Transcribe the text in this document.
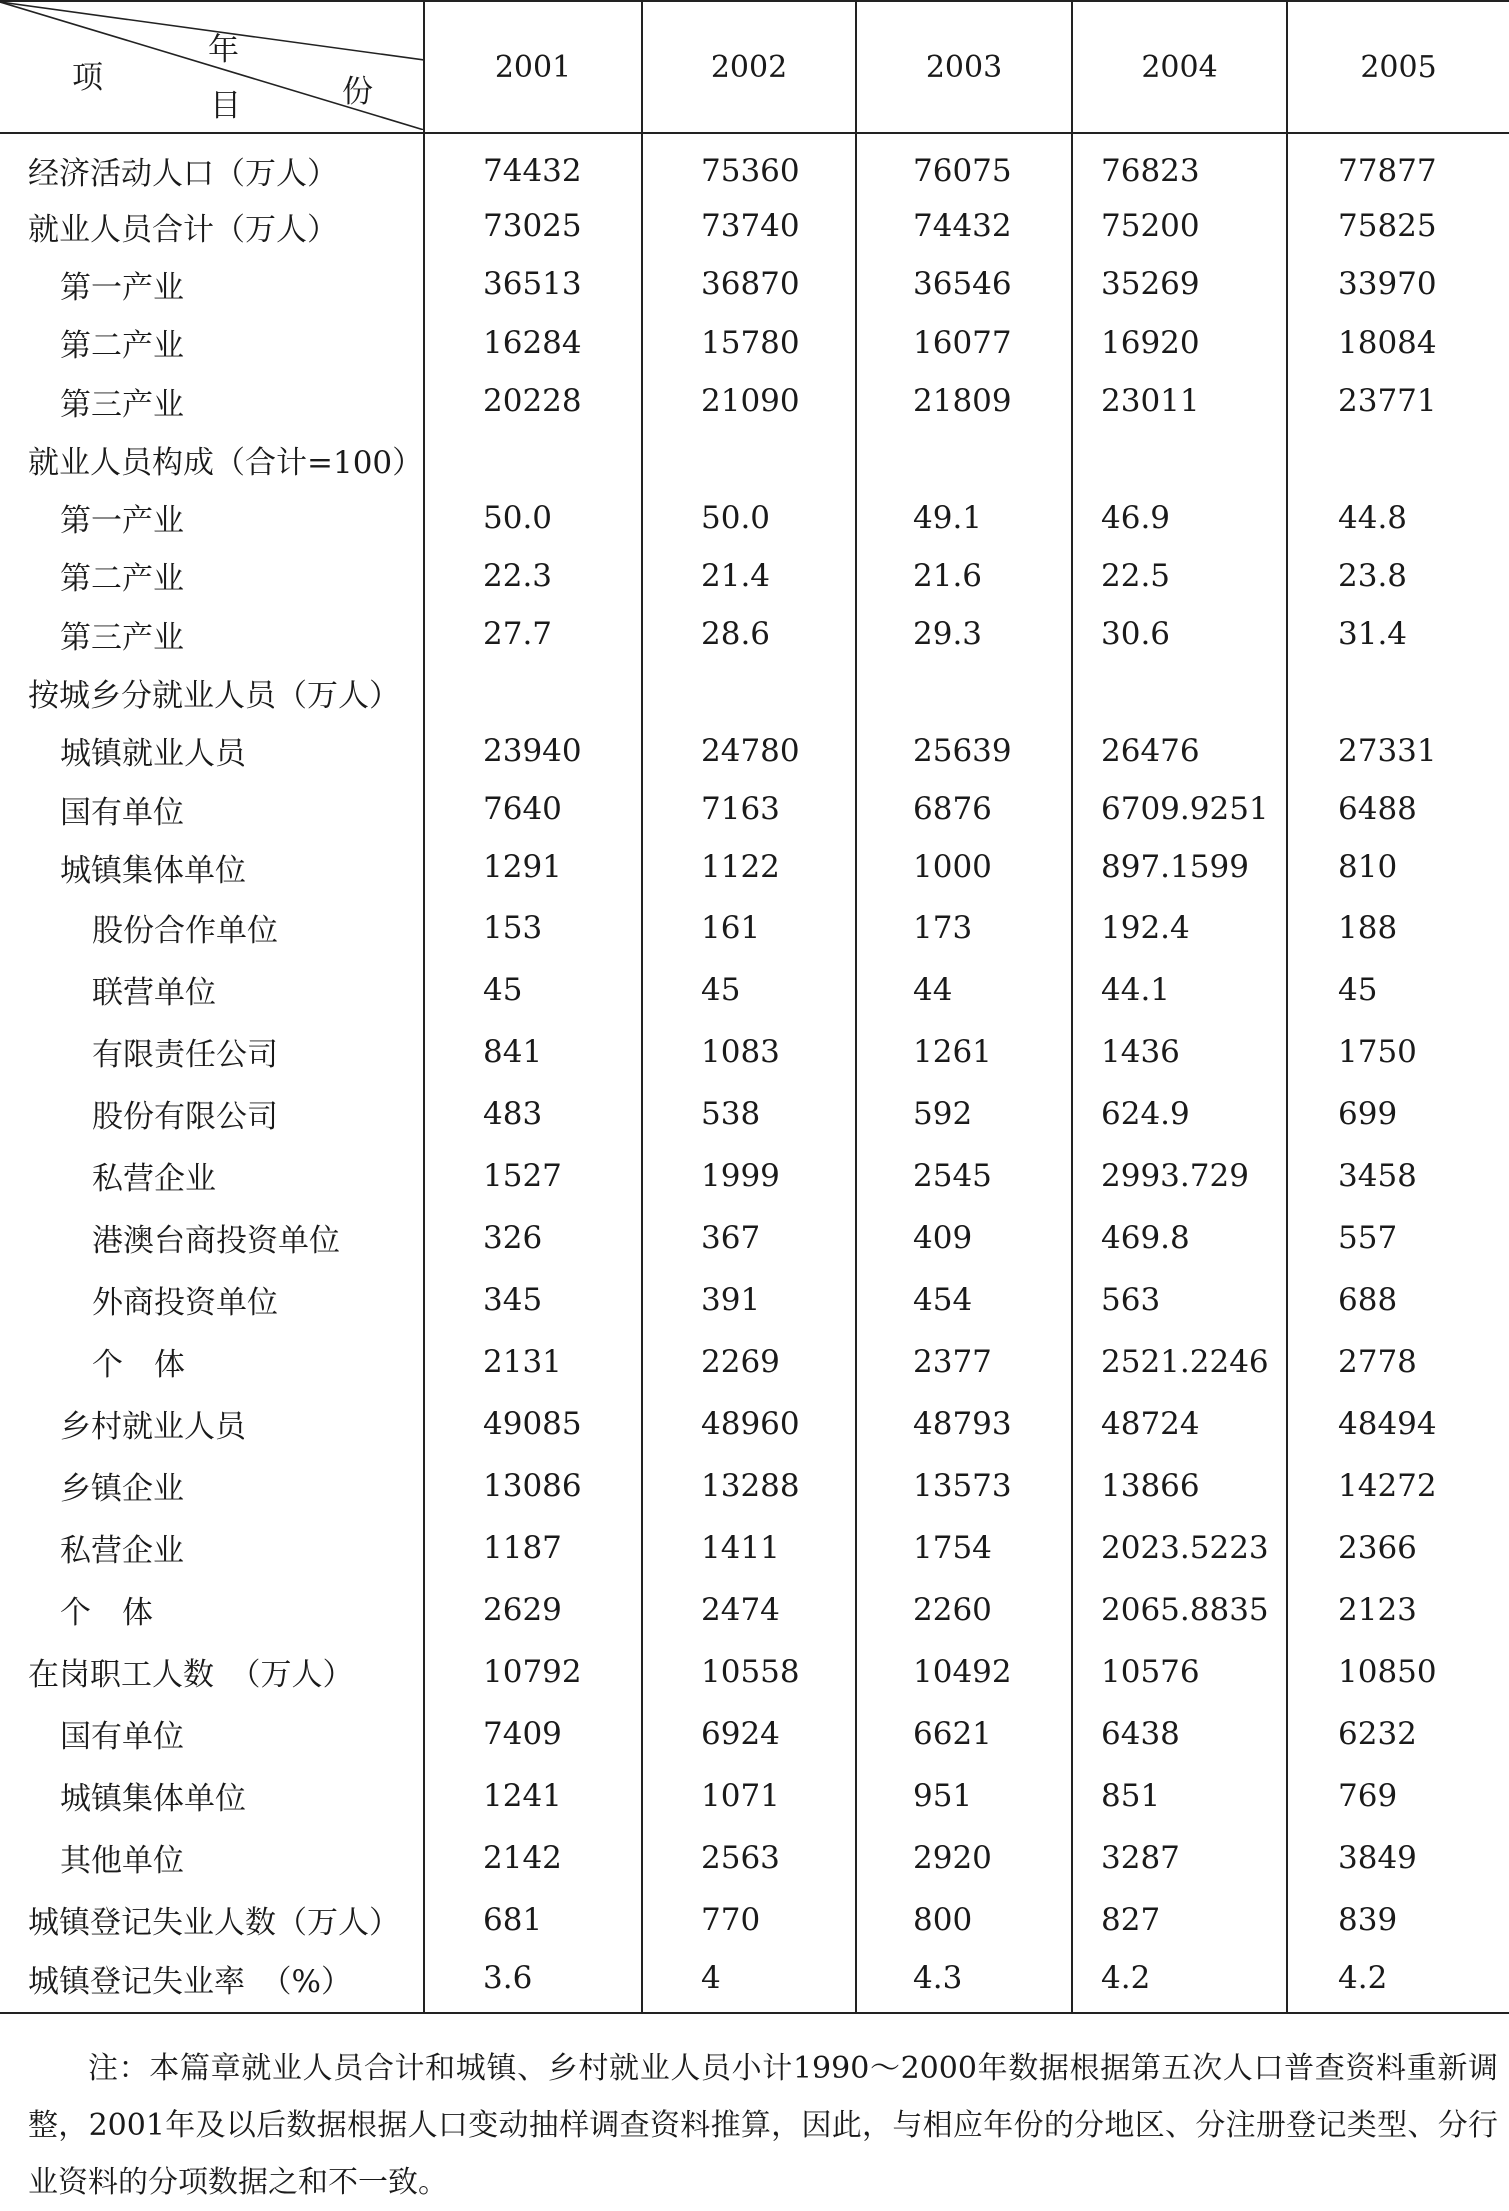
年
份
项
目	2001	2002	2003	2004	2005
经济活动人口（万人）	74432	75360	76075	76823	77877
就业人员合计（万人）	73025	73740	74432	75200	75825
第一产业	36513	36870	36546	35269	33970
第二产业	16284	15780	16077	16920	18084
第三产业	20228	21090	21809	23011	23771
就业人员构成（合计=100）					
第一产业	50.0	50.0	49.1	46.9	44.8
第二产业	22.3	21.4	21.6	22.5	23.8
第三产业	27.7	28.6	29.3	30.6	31.4
按城乡分就业人员（万人）					
城镇就业人员	23940	24780	25639	26476	27331
国有单位	7640	7163	6876	6709.9251	6488
城镇集体单位	1291	1122	1000	897.1599	810
股份合作单位	153	161	173	192.4	188
联营单位	45	45	44	44.1	45
有限责任公司	841	1083	1261	1436	1750
股份有限公司	483	538	592	624.9	699
私营企业	1527	1999	2545	2993.729	3458
港澳台商投资单位	326	367	409	469.8	557
外商投资单位	345	391	454	563	688
个　体	2131	2269	2377	2521.2246	2778
乡村就业人员	49085	48960	48793	48724	48494
乡镇企业	13086	13288	13573	13866	14272
私营企业	1187	1411	1754	2023.5223	2366
个　体	2629	2474	2260	2065.8835	2123
在岗职工人数　（万人）	10792	10558	10492	10576	10850
国有单位	7409	6924	6621	6438	6232
城镇集体单位	1241	1071	951	851	769
其他单位	2142	2563	2920	3287	3849
城镇登记失业人数（万人）	681	770	800	827	839
城镇登记失业率　（%）	3.6	4	4.3	4.2	4.2

注：本篇章就业人员合计和城镇、乡村就业人员小计1990～2000年数据根据第五次人口普查资料重新调整，2001年及以后数据根据人口变动抽样调查资料推算，因此，与相应年份的分地区、分注册登记类型、分行业资料的分项数据之和不一致。
